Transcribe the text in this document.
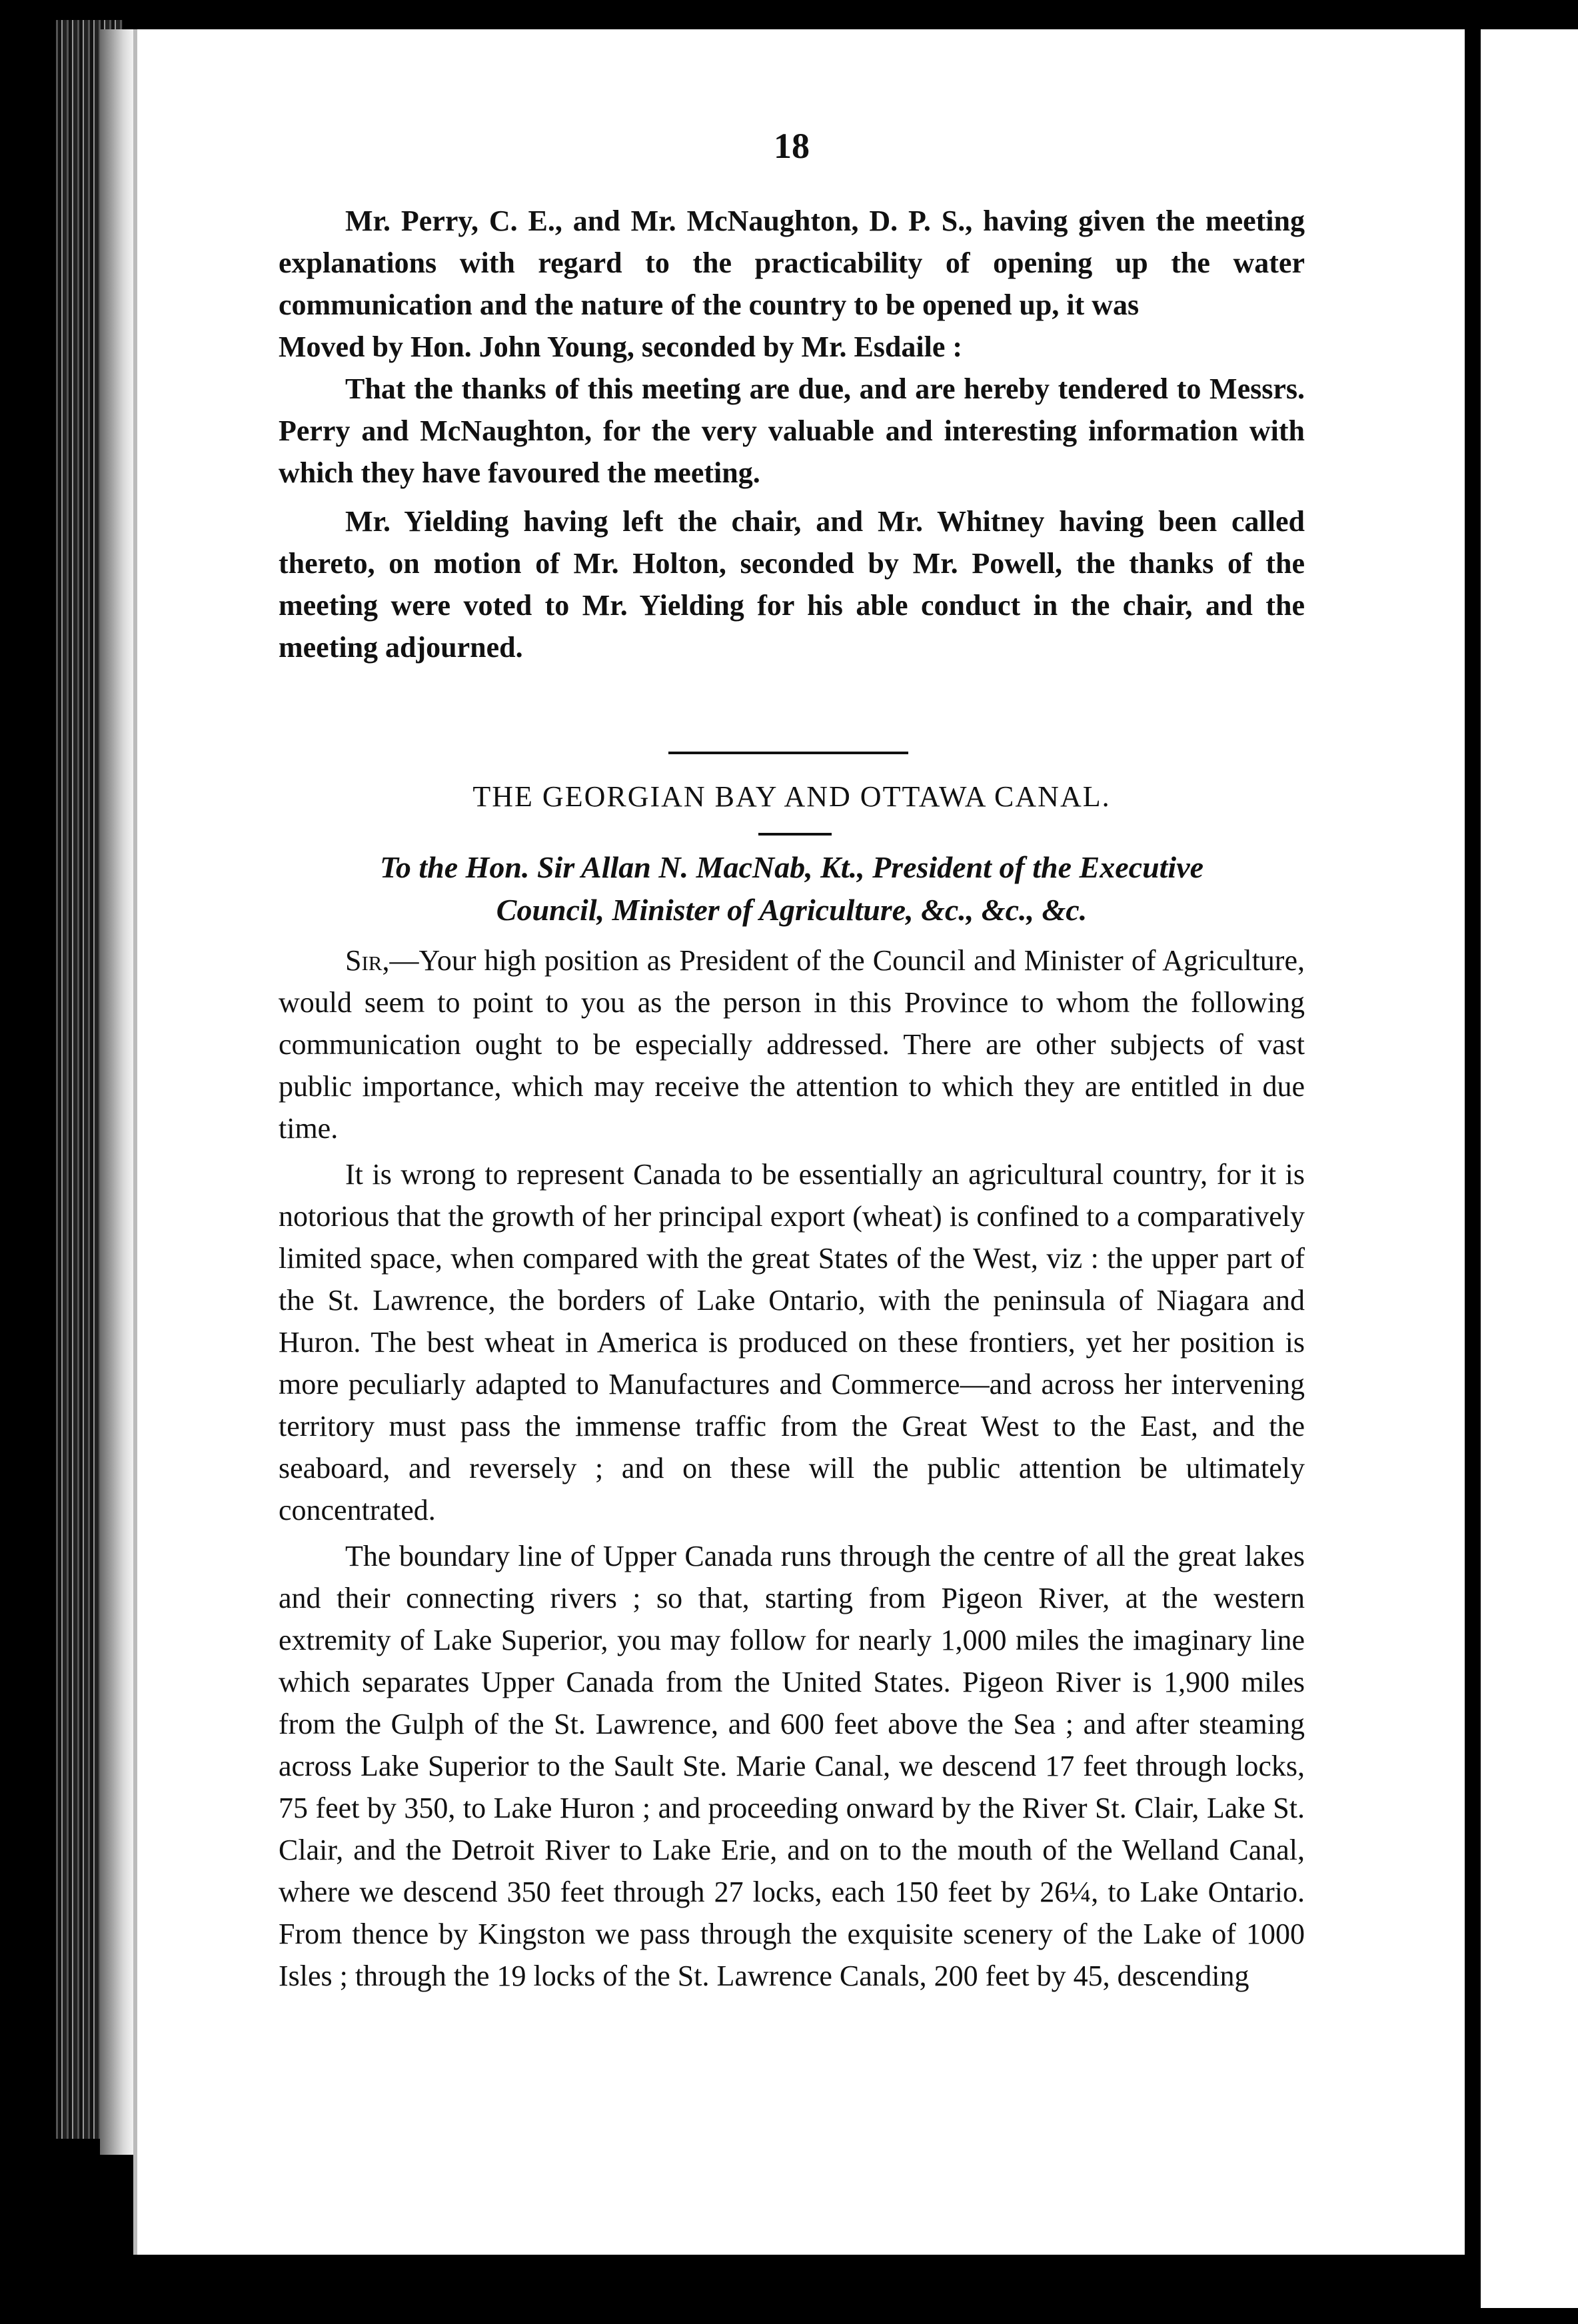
18

Mr. Perry, C. E., and Mr. McNaughton, D. P. S., having given the meeting explanations with regard to the practicability of opening up the water communication and the nature of the country to be opened up, it was

Moved by Hon. John Young, seconded by Mr. Esdaile :

That the thanks of this meeting are due, and are hereby tendered to Messrs. Perry and McNaughton, for the very valuable and interesting information with which they have favoured the meeting.

Mr. Yielding having left the chair, and Mr. Whitney having been called thereto, on motion of Mr. Holton, seconded by Mr. Powell, the thanks of the meeting were voted to Mr. Yielding for his able conduct in the chair, and the meeting adjourned.

THE GEORGIAN BAY AND OTTAWA CANAL.
To the Hon. Sir Allan N. MacNab, Kt., President of the Executive
Council, Minister of Agriculture, &c., &c., &c.

Sir,—Your high position as President of the Council and Minister of Agriculture, would seem to point to you as the person in this Province to whom the following communication ought to be especially addressed. There are other subjects of vast public importance, which may receive the attention to which they are entitled in due time.

It is wrong to represent Canada to be essentially an agricultural country, for it is notorious that the growth of her principal export (wheat) is confined to a comparatively limited space, when compared with the great States of the West, viz : the upper part of the St. Lawrence, the borders of Lake Ontario, with the peninsula of Niagara and Huron. The best wheat in America is produced on these frontiers, yet her position is more peculiarly adapted to Manufactures and Commerce—and across her intervening territory must pass the immense traffic from the Great West to the East, and the seaboard, and reversely ; and on these will the public attention be ultimately concentrated.

The boundary line of Upper Canada runs through the centre of all the great lakes and their connecting rivers ; so that, starting from Pigeon River, at the western extremity of Lake Superior, you may follow for nearly 1,000 miles the imaginary line which separates Upper Canada from the United States. Pigeon River is 1,900 miles from the Gulph of the St. Lawrence, and 600 feet above the Sea ; and after steaming across Lake Superior to the Sault Ste. Marie Canal, we descend 17 feet through locks, 75 feet by 350, to Lake Huron ; and proceeding onward by the River St. Clair, Lake St. Clair, and the Detroit River to Lake Erie, and on to the mouth of the Welland Canal, where we descend 350 feet through 27 locks, each 150 feet by 26¼, to Lake Ontario. From thence by Kingston we pass through the exquisite scenery of the Lake of 1000 Isles ; through the 19 locks of the St. Lawrence Canals, 200 feet by 45, descending
